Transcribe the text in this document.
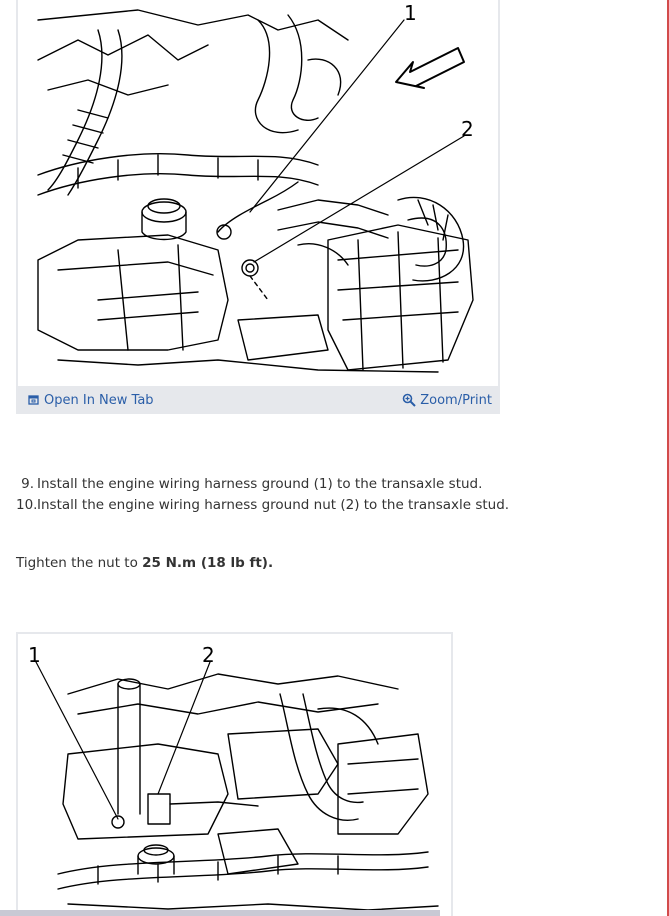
1
2
Open In New Tab	Zoom/Print
9. Install the engine wiring harness ground (1) to the transaxle stud.
10.Install the engine wiring harness ground nut (2) to the transaxle stud.
Tighten the nut to 25 N.m (18 lb ft).
1	2
